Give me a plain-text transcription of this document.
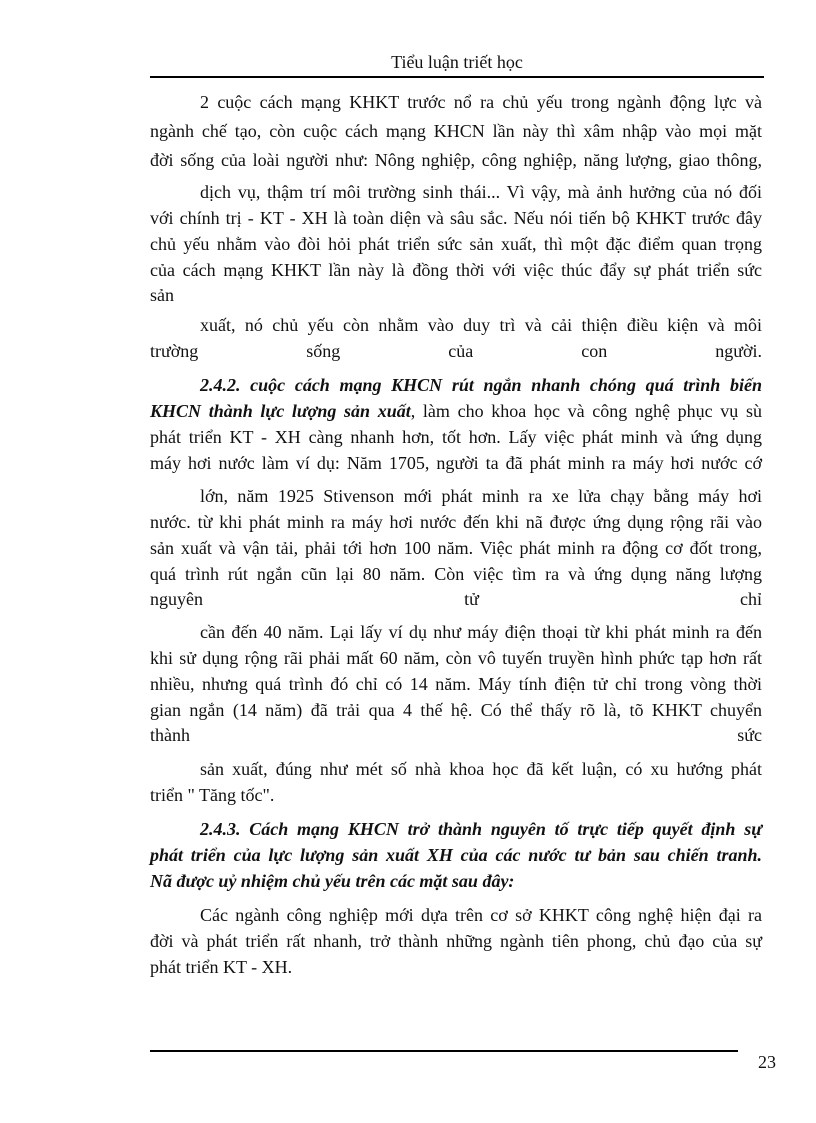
Tiểu luận triết học
2 cuộc cách mạng KHKT trước nổ ra chủ yếu trong ngành động lực và
ngành chế tạo, còn cuộc cách mạng KHCN lần này thì xâm nhập vào mọi mặt
đời sống của loài người như: Nông nghiệp, công nghiệp, năng lượng, giao thông,
dịch vụ, thậm trí môi trường sinh thái... Vì vậy, mà ảnh hưởng của nó đối
với chính trị - KT - XH là toàn diện và sâu sắc. Nếu nói tiến bộ KHKT trước đây
chủ yếu nhằm vào đòi hỏi phát triển sức sản xuất, thì một đặc điểm quan trọng
của cách mạng KHKT lần này là đồng thời với việc thúc đẩy sự phát triển sức
sản
xuất, nó chủ yếu còn nhằm vào duy trì và cải thiện điều kiện và môi
trường sống của con người.
2.4.2. cuộc cách mạng KHCN rút ngắn nhanh chóng quá trình biến
KHCN thành lực lượng sản xuất, làm cho khoa học và công nghệ phục vụ sù
phát triển KT - XH càng nhanh hơn, tốt hơn. Lấy việc phát minh và ứng dụng
máy hơi nước làm ví dụ: Năm 1705, người ta đã phát minh ra máy hơi nước cớ
lớn, năm 1925 Stivenson mới phát minh ra xe lửa chạy bằng máy hơi
nước. từ khi phát minh ra máy hơi nước đến khi nã được ứng dụng rộng rãi vào
sản xuất và vận tải, phải tới hơn 100 năm. Việc phát minh ra động cơ đốt trong,
quá trình rút ngắn cũn lại 80 năm. Còn việc tìm ra và ứng dụng năng lượng
nguyên tử chỉ
cần đến 40 năm. Lại lấy ví dụ như máy điện thoại từ khi phát minh ra đến
khi sử dụng rộng rãi phải mất 60 năm, còn vô tuyến truyền hình phức tạp hơn rất
nhiều, nhưng quá trình đó chỉ có 14 năm. Máy tính điện tử chỉ trong vòng thời
gian ngắn (14 năm) đã trải qua 4 thế hệ. Có thể thấy rõ là, tõ KHKT chuyển
thành sức
sản xuất, đúng như mét số nhà khoa học đã kết luận, có xu hướng phát
triển " Tăng tốc".
2.4.3. Cách mạng KHCN trở thành nguyên tố trực tiếp quyết định sự
phát triển của lực lượng sản xuất XH của các nước tư bản sau chiến tranh.
Nã được uỷ nhiệm chủ yếu trên các mặt sau đây:
Các ngành công nghiệp mới dựa trên cơ sở KHKT công nghệ hiện đại ra
đời và phát triển rất nhanh, trở thành những ngành tiên phong, chủ đạo của sự
phát triển KT - XH.
23
